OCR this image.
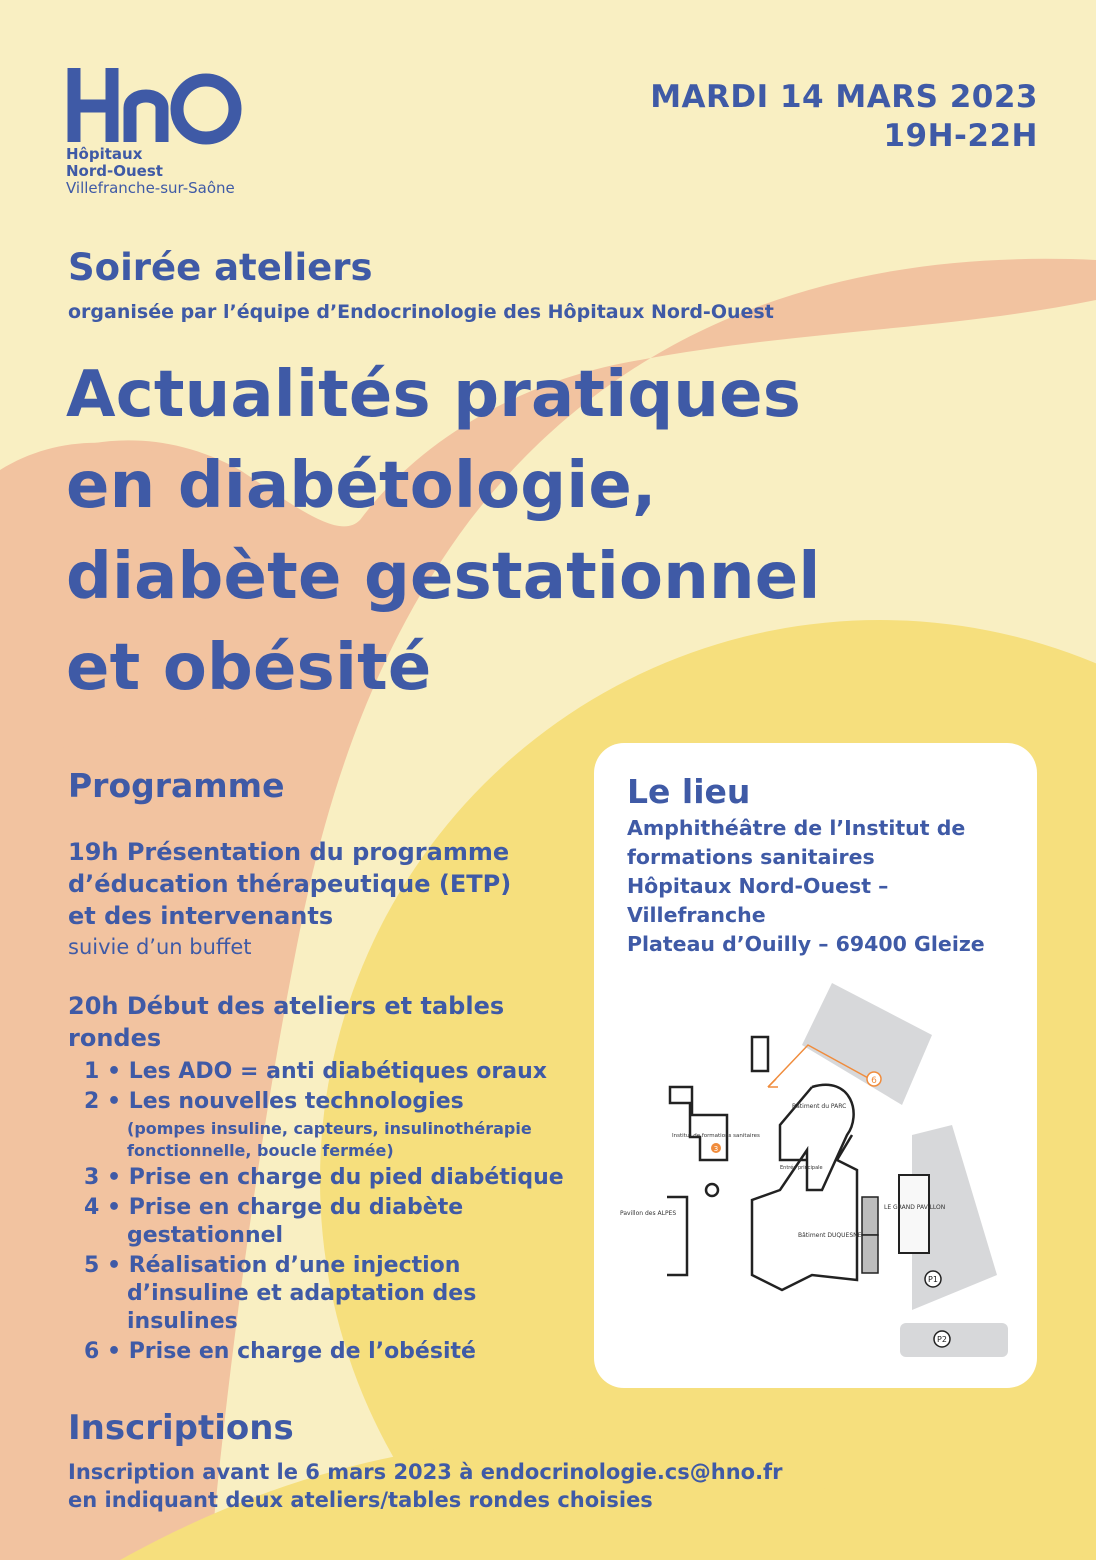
Hôpitaux

Nord-Ouest

Villefranche-sur-Saône

MARDI 14 MARS 2023
19H-22H
Soirée ateliers
organisée par l’équipe d’Endocrinologie des Hôpitaux Nord-Ouest
Actualités pratiques
en diabétologie,
diabète gestationnel
et obésité
Programme
19h Présentation du programme
d’éducation thérapeutique (ETP)
et des intervenants
suivie d’un buffet
20h Début des ateliers et tables
rondes
1 • Les ADO = anti diabétiques oraux
2 • Les nouvelles technologies
(pompes insuline, capteurs, insulinothérapie
fonctionnelle, boucle fermée)
3 • Prise en charge du pied diabétique
4 • Prise en charge du diabète
gestationnel
5 • Réalisation d’une injection
d’insuline et adaptation des
insulines
6 • Prise en charge de l’obésité
Le lieu
Amphithéâtre de l’Institut de
formations sanitaires
Hôpitaux Nord-Ouest –
Villefranche
Plateau d’Ouilly – 69400 Gleize
6
Institut de formations sanitaires
3
Bâtiment du PARC
Entrée principale
Bâtiment DUQUESNE
Pavillon des ALPES
LE GRAND PAVILLON
P1
P2
Inscriptions
Inscription avant le 6 mars 2023 à endocrinologie.cs@hno.fr
en indiquant deux ateliers/tables rondes choisies
